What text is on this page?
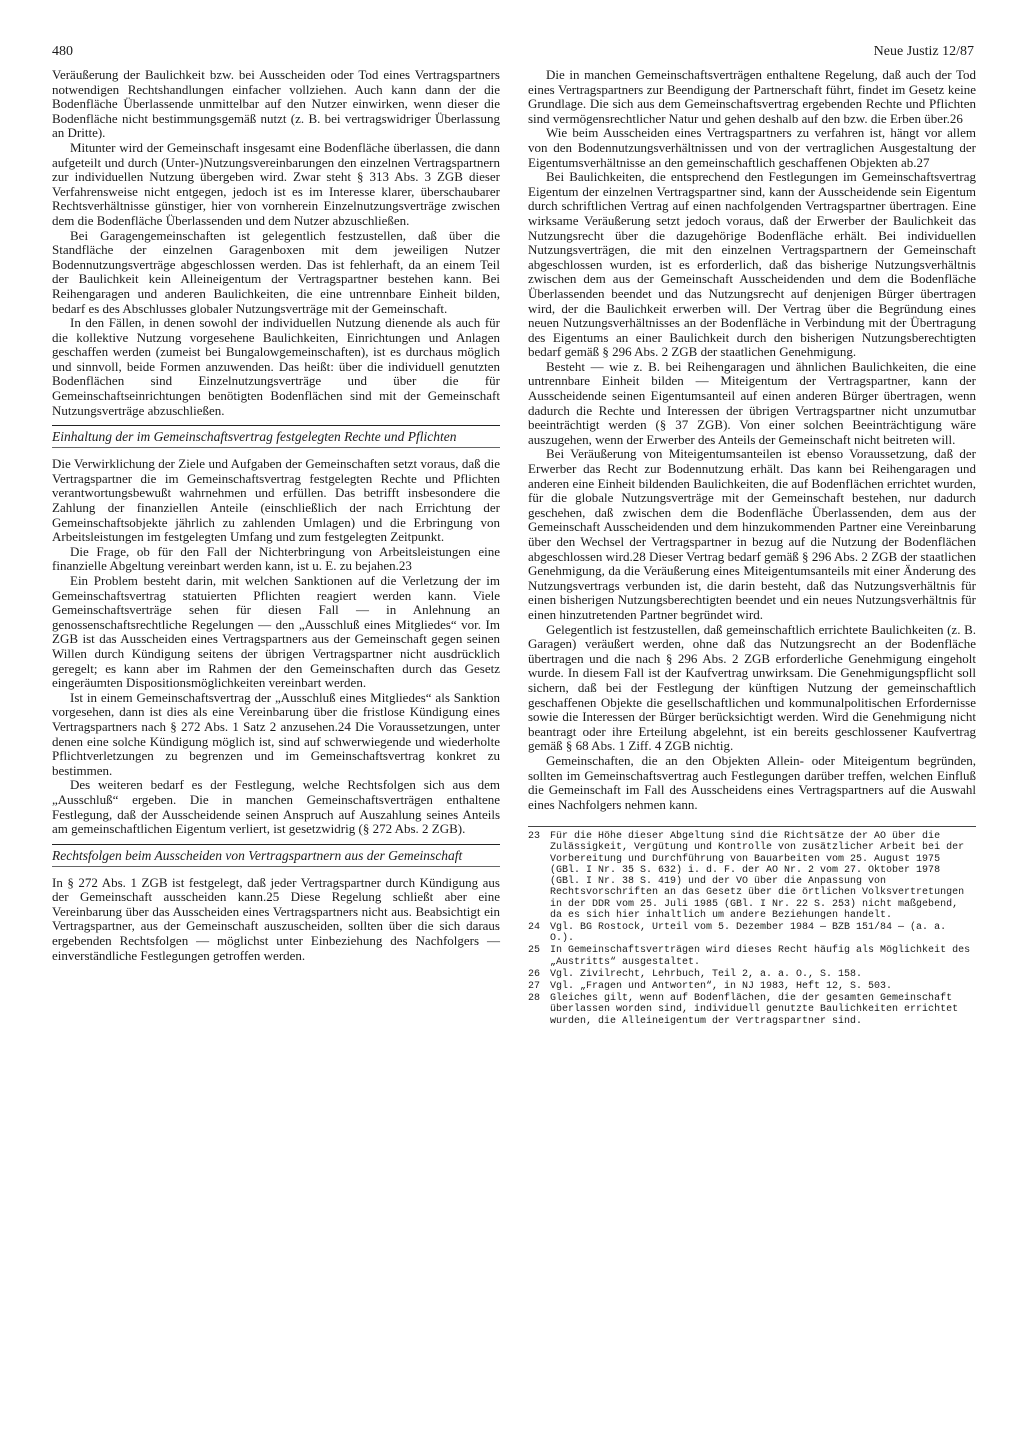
480	Neue Justiz 12/87

Veräußerung der Baulichkeit bzw. bei Ausscheiden oder Tod eines Vertragspartners notwendigen Rechtshandlungen einfacher vollziehen. Auch kann dann der die Bodenfläche Überlassende unmittelbar auf den Nutzer einwirken, wenn dieser die Bodenfläche nicht bestimmungsgemäß nutzt (z. B. bei vertragswidriger Überlassung an Dritte).

Mitunter wird der Gemeinschaft insgesamt eine Bodenfläche überlassen, die dann aufgeteilt und durch (Unter-)Nutzungsvereinbarungen den einzelnen Vertragspartnern zur individuellen Nutzung übergeben wird. Zwar steht § 313 Abs. 3 ZGB dieser Verfahrensweise nicht entgegen, jedoch ist es im Interesse klarer, überschaubarer Rechtsverhältnisse günstiger, hier von vornherein Einzelnutzungsverträge zwischen dem die Bodenfläche Überlassenden und dem Nutzer abzuschließen.

Bei Garagengemeinschaften ist gelegentlich festzustellen, daß über die Standfläche der einzelnen Garagenboxen mit dem jeweiligen Nutzer Bodennutzungsverträge abgeschlossen werden. Das ist fehlerhaft, da an einem Teil der Baulichkeit kein Alleineigentum der Vertragspartner bestehen kann. Bei Reihengaragen und anderen Baulichkeiten, die eine untrennbare Einheit bilden, bedarf es des Abschlusses globaler Nutzungsverträge mit der Gemeinschaft.

In den Fällen, in denen sowohl der individuellen Nutzung dienende als auch für die kollektive Nutzung vorgesehene Baulichkeiten, Einrichtungen und Anlagen geschaffen werden (zumeist bei Bungalowgemeinschaften), ist es durchaus möglich und sinnvoll, beide Formen anzuwenden. Das heißt: über die individuell genutzten Bodenflächen sind Einzelnutzungsverträge und über die für Gemeinschaftseinrichtungen benötigten Bodenflächen sind mit der Gemeinschaft Nutzungsverträge abzuschließen.

Einhaltung der im Gemeinschaftsvertrag festgelegten Rechte und Pflichten

Die Verwirklichung der Ziele und Aufgaben der Gemeinschaften setzt voraus, daß die Vertragspartner die im Gemeinschaftsvertrag festgelegten Rechte und Pflichten verantwortungsbewußt wahrnehmen und erfüllen. Das betrifft insbesondere die Zahlung der finanziellen Anteile (einschließlich der nach Errichtung der Gemeinschaftsobjekte jährlich zu zahlenden Umlagen) und die Erbringung von Arbeitsleistungen im festgelegten Umfang und zum festgelegten Zeitpunkt.

Die Frage, ob für den Fall der Nichterbringung von Arbeitsleistungen eine finanzielle Abgeltung vereinbart werden kann, ist u. E. zu bejahen.23

Ein Problem besteht darin, mit welchen Sanktionen auf die Verletzung der im Gemeinschaftsvertrag statuierten Pflichten reagiert werden kann. Viele Gemeinschaftsverträge sehen für diesen Fall — in Anlehnung an genossenschaftsrechtliche Regelungen — den „Ausschluß eines Mitgliedes“ vor. Im ZGB ist das Ausscheiden eines Vertragspartners aus der Gemeinschaft gegen seinen Willen durch Kündigung seitens der übrigen Vertragspartner nicht ausdrücklich geregelt; es kann aber im Rahmen der den Gemeinschaften durch das Gesetz eingeräumten Dispositionsmöglichkeiten vereinbart werden.

Ist in einem Gemeinschaftsvertrag der „Ausschluß eines Mitgliedes“ als Sanktion vorgesehen, dann ist dies als eine Vereinbarung über die fristlose Kündigung eines Vertragspartners nach § 272 Abs. 1 Satz 2 anzusehen.24 Die Voraussetzungen, unter denen eine solche Kündigung möglich ist, sind auf schwerwiegende und wiederholte Pflichtverletzungen zu begrenzen und im Gemeinschaftsvertrag konkret zu bestimmen.

Des weiteren bedarf es der Festlegung, welche Rechtsfolgen sich aus dem „Ausschluß“ ergeben. Die in manchen Gemeinschaftsverträgen enthaltene Festlegung, daß der Ausscheidende seinen Anspruch auf Auszahlung seines Anteils am gemeinschaftlichen Eigentum verliert, ist gesetzwidrig (§ 272 Abs. 2 ZGB).

Rechtsfolgen beim Ausscheiden von Vertragspartnern aus der Gemeinschaft

In § 272 Abs. 1 ZGB ist festgelegt, daß jeder Vertragspartner durch Kündigung aus der Gemeinschaft ausscheiden kann.25 Diese Regelung schließt aber eine Vereinbarung über das Ausscheiden eines Vertragspartners nicht aus. Beabsichtigt ein Vertragspartner, aus der Gemeinschaft auszuscheiden, sollten über die sich daraus ergebenden Rechtsfolgen — möglichst unter Einbeziehung des Nachfolgers — einverständliche Festlegungen getroffen werden.

Die in manchen Gemeinschaftsverträgen enthaltene Regelung, daß auch der Tod eines Vertragspartners zur Beendigung der Partnerschaft führt, findet im Gesetz keine Grundlage. Die sich aus dem Gemeinschaftsvertrag ergebenden Rechte und Pflichten sind vermögensrechtlicher Natur und gehen deshalb auf den bzw. die Erben über.26

Wie beim Ausscheiden eines Vertragspartners zu verfahren ist, hängt vor allem von den Bodennutzungsverhältnissen und von der vertraglichen Ausgestaltung der Eigentumsverhältnisse an den gemeinschaftlich geschaffenen Objekten ab.27

Bei Baulichkeiten, die entsprechend den Festlegungen im Gemeinschaftsvertrag Eigentum der einzelnen Vertragspartner sind, kann der Ausscheidende sein Eigentum durch schriftlichen Vertrag auf einen nachfolgenden Vertragspartner übertragen. Eine wirksame Veräußerung setzt jedoch voraus, daß der Erwerber der Baulichkeit das Nutzungsrecht über die dazugehörige Bodenfläche erhält. Bei individuellen Nutzungsverträgen, die mit den einzelnen Vertragspartnern der Gemeinschaft abgeschlossen wurden, ist es erforderlich, daß das bisherige Nutzungsverhältnis zwischen dem aus der Gemeinschaft Ausscheidenden und dem die Bodenfläche Überlassenden beendet und das Nutzungsrecht auf denjenigen Bürger übertragen wird, der die Baulichkeit erwerben will. Der Vertrag über die Begründung eines neuen Nutzungsverhältnisses an der Bodenfläche in Verbindung mit der Übertragung des Eigentums an einer Baulichkeit durch den bisherigen Nutzungsberechtigten bedarf gemäß § 296 Abs. 2 ZGB der staatlichen Genehmigung.

Besteht — wie z. B. bei Reihengaragen und ähnlichen Baulichkeiten, die eine untrennbare Einheit bilden — Miteigentum der Vertragspartner, kann der Ausscheidende seinen Eigentumsanteil auf einen anderen Bürger übertragen, wenn dadurch die Rechte und Interessen der übrigen Vertragspartner nicht unzumutbar beeinträchtigt werden (§ 37 ZGB). Von einer solchen Beeinträchtigung wäre auszugehen, wenn der Erwerber des Anteils der Gemeinschaft nicht beitreten will.

Bei Veräußerung von Miteigentumsanteilen ist ebenso Voraussetzung, daß der Erwerber das Recht zur Bodennutzung erhält. Das kann bei Reihengaragen und anderen eine Einheit bildenden Baulichkeiten, die auf Bodenflächen errichtet wurden, für die globale Nutzungsverträge mit der Gemeinschaft bestehen, nur dadurch geschehen, daß zwischen dem die Bodenfläche Überlassenden, dem aus der Gemeinschaft Ausscheidenden und dem hinzukommenden Partner eine Vereinbarung über den Wechsel der Vertragspartner in bezug auf die Nutzung der Bodenflächen abgeschlossen wird.28 Dieser Vertrag bedarf gemäß § 296 Abs. 2 ZGB der staatlichen Genehmigung, da die Veräußerung eines Miteigentumsanteils mit einer Änderung des Nutzungsvertrags verbunden ist, die darin besteht, daß das Nutzungsverhältnis für einen bisherigen Nutzungsberechtigten beendet und ein neues Nutzungsverhältnis für einen hinzutretenden Partner begründet wird.

Gelegentlich ist festzustellen, daß gemeinschaftlich errichtete Baulichkeiten (z. B. Garagen) veräußert werden, ohne daß das Nutzungsrecht an der Bodenfläche übertragen und die nach § 296 Abs. 2 ZGB erforderliche Genehmigung eingeholt wurde. In diesem Fall ist der Kaufvertrag unwirksam. Die Genehmigungspflicht soll sichern, daß bei der Festlegung der künftigen Nutzung der gemeinschaftlich geschaffenen Objekte die gesellschaftlichen und kommunalpolitischen Erfordernisse sowie die Interessen der Bürger berücksichtigt werden. Wird die Genehmigung nicht beantragt oder ihre Erteilung abgelehnt, ist ein bereits geschlossener Kaufvertrag gemäß § 68 Abs. 1 Ziff. 4 ZGB nichtig.

Gemeinschaften, die an den Objekten Allein- oder Miteigentum begründen, sollten im Gemeinschaftsvertrag auch Festlegungen darüber treffen, welchen Einfluß die Gemeinschaft im Fall des Ausscheidens eines Vertragspartners auf die Auswahl eines Nachfolgers nehmen kann.

23 Für die Höhe dieser Abgeltung sind die Richtsätze der AO über die Zulässigkeit, Vergütung und Kontrolle von zusätzlicher Arbeit bei der Vorbereitung und Durchführung von Bauarbeiten vom 25. August 1975 (GBl. I Nr. 35 S. 632) i. d. F. der AO Nr. 2 vom 27. Oktober 1978 (GBl. I Nr. 38 S. 419) und der VO über die Anpassung von Rechtsvorschriften an das Gesetz über die örtlichen Volksvertretungen in der DDR vom 25. Juli 1985 (GBl. I Nr. 22 S. 253) nicht maßgebend, da es sich hier inhaltlich um andere Beziehungen handelt.
24 Vgl. BG Rostock, Urteil vom 5. Dezember 1984 — BZB 151/84 — (a. a. O.).
25 In Gemeinschaftsverträgen wird dieses Recht häufig als Möglichkeit des „Austritts“ ausgestaltet.
26 Vgl. Zivilrecht, Lehrbuch, Teil 2, a. a. O., S. 158.
27 Vgl. „Fragen und Antworten“, in NJ 1983, Heft 12, S. 503.
28 Gleiches gilt, wenn auf Bodenflächen, die der gesamten Gemeinschaft überlassen worden sind, individuell genutzte Baulichkeiten errichtet wurden, die Alleineigentum der Vertragspartner sind.
